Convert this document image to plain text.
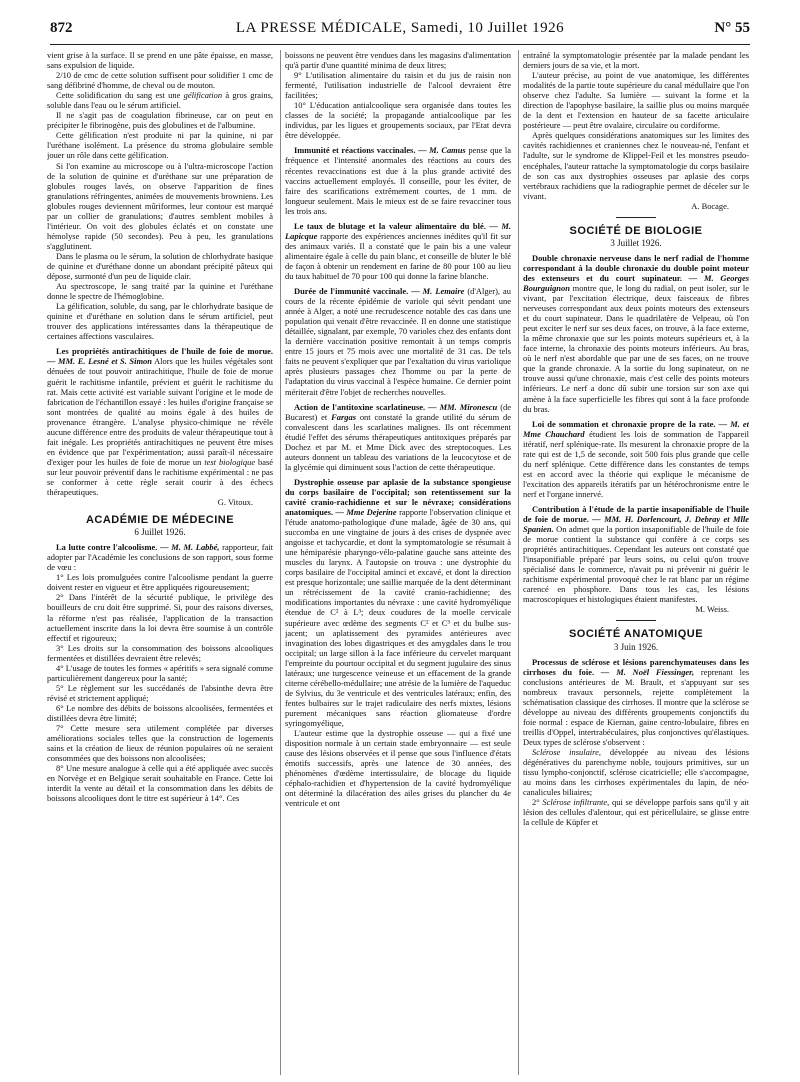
872	LA PRESSE MÉDICALE, Samedi, 10 Juillet 1926	N° 55

vient grise à la surface. Il se prend en une pâte épaisse, en masse, sans expulsion de liquide.

2/10 de cmc de cette solution suffisent pour solidifier 1 cmc de sang défibriné d'homme, de cheval ou de mouton.

Cette solidification du sang est une gélification à gros grains, soluble dans l'eau ou le sérum artificiel.

Il ne s'agit pas de coagulation fibrineuse, car on peut en précipiter le fibrinogène, puis des globulines et de l'albumine.

Cette gélification n'est produite ni par la quinine, ni par l'uréthane isolément. La présence du stroma globulaire semble jouer un rôle dans cette gélification.

Si l'on examine au microscope ou à l'ultra-microscope l'action de la solution de quinine et d'uréthane sur une préparation de globules rouges lavés, on observe l'apparition de fines granulations réfringentes, animées de mouvements browniens. Les globules rouges deviennent mûriformes, leur contour est marqué par un collier de granulations; d'autres semblent mobiles à l'intérieur. On voit des globules éclatés et on constate une hémolyse rapide (50 secondes). Peu à peu, les granulations s'agglutinent.

Dans le plasma ou le sérum, la solution de chlorhydrate basique de quinine et d'uréthane donne un abondant précipité pâteux qui dépose, surmonté d'un peu de liquide clair.

Au spectroscope, le sang traité par la quinine et l'uréthane donne le spectre de l'hémoglobine.

La gélification, soluble, du sang, par le chlorhydrate basique de quinine et d'uréthane en solution dans le sérum artificiel, peut trouver des applications intéressantes dans la thérapeutique de certaines affections vasculaires.

Les propriétés antirachitiques de l'huile de foie de morue. — MM. E. Lesné et S. Simon Alors que les huiles végétales sont dénuées de tout pouvoir antirachitique, l'huile de foie de morue guérit le rachitisme infantile, prévient et guérit le rachitisme du rat. Mais cette activité est variable suivant l'origine et le mode de fabrication de l'échantillon essayé : les huiles d'origine française se sont montrées de qualité au moins égale à des huiles de provenance étrangère. L'analyse physico-chimique ne révèle aucune différence entre des produits de valeur thérapeutique tout à fait inégale. Les propriétés antirachitiques ne peuvent être mises en évidence que par l'expérimentation; aussi paraît-il nécessaire d'exiger pour les huiles de foie de morue un test biologique basé sur leur pouvoir préventif dans le rachitisme expérimental : ne pas se conformer à cette règle serait courir à des échecs thérapeutiques.

G. Vitoux.

ACADÉMIE DE MÉDECINE
6 Juillet 1926.

La lutte contre l'alcoolisme. — M. M. Labbé, rapporteur, fait adopter par l'Académie les conclusions de son rapport, sous forme de vœu :

1° Les lois promulguées contre l'alcoolisme pendant la guerre doivent rester en vigueur et être appliquées rigoureusement;

2° Dans l'intérêt de la sécurité publique, le privilège des bouilleurs de cru doit être supprimé. Si, pour des raisons diverses, la réforme n'est pas réalisée, l'application de la transaction actuellement inscrite dans la loi devra être soumise à un contrôle effectif et rigoureux;

3° Les droits sur la consommation des boissons alcooliques fermentées et distillées devraient être relevés;

4° L'usage de toutes les formes « apéritifs » sera signalé comme particulièrement dangereux pour la santé;

5° Le règlement sur les succédanés de l'absinthe devra être révisé et strictement appliqué;

6° Le nombre des débits de boissons alcoolisées, fermentées et distillées devra être limité;

7° Cette mesure sera utilement complétée par diverses améliorations sociales telles que la construction de logements sains et la création de lieux de réunion populaires où ne seraient consommées que des boissons non alcoolisées;

8° Une mesure analogue à celle qui a été appliquée avec succès en Norvège et en Belgique serait souhaitable en France. Cette loi interdit la vente au détail et la consommation dans les débits de boissons alcooliques dont le titre est supérieur à 14°. Ces

boissons ne peuvent être vendues dans les magasins d'alimentation qu'à partir d'une quantité minima de deux litres;

9° L'utilisation alimentaire du raisin et du jus de raisin non fermenté, l'utilisation industrielle de l'alcool devraient être facilitées;

10° L'éducation antialcoolique sera organisée dans toutes les classes de la société; la propagande antialcoolique par les individus, par les ligues et groupements sociaux, par l'Etat devra être développée.

Immunité et réactions vaccinales. — M. Camus pense que la fréquence et l'intensité anormales des réactions au cours des récentes revaccinations est due à la plus grande activité des vaccins actuellement employés. Il conseille, pour les éviter, de faire des scarifications extrêmement courtes, de 1 mm. de longueur seulement. Mais le mieux est de se faire revacciner tous les trois ans.

Le taux de blutage et la valeur alimentaire du blé. — M. Lapicque rapporte des expériences anciennes inédites qu'il fit sur des animaux variés. Il a constaté que le pain bis a une valeur alimentaire égale à celle du pain blanc, et conseille de bluter le blé de façon à obtenir un rendement en farine de 80 pour 100 au lieu du taux habituel de 70 pour 100 qui donne la farine blanche.

Durée de l'immunité vaccinale. — M. Lemaire (d'Alger), au cours de la récente épidémie de variole qui sévit pendant une année à Alger, a noté une recrudescence notable des cas dans une population qui venait d'être revaccinée. Il en donne une statistique détaillée, signalant, par exemple, 70 varioles chez des enfants dont la dernière vaccination positive remontait à un temps compris entre 15 jours et 75 mois avec une mortalité de 31 cas. De tels faits ne peuvent s'expliquer que par l'exaltation du virus variolique après plusieurs passages chez l'homme ou par la perte de l'adaptation du virus vaccinal à l'espèce humaine. Ce dernier point mériterait d'être l'objet de recherches nouvelles.

Action de l'antitoxine scarlatineuse. — MM. Mironescu (de Bucarest) et Fargas ont constaté la grande utilité du sérum de convalescent dans les scarlatines malignes. Ils ont récemment étudié l'effet des sérums thérapeutiques antitoxiques préparés par Dochez et par M. et Mme Dick avec des streptocoques. Les auteurs donnent un tableau des variations de la leucocytose et de la glycémie qui diminuent sous l'action de cette thérapeutique.

Dystrophie osseuse par aplasie de la substance spongieuse du corps basilaire de l'occipital; son retentissement sur la cavité cranio-rachidienne et sur le névraxe; considérations anatomiques. — Mme Dejerine rapporte l'observation clinique et l'étude anatomo-pathologique d'une malade, âgée de 30 ans, qui succomba en une vingtaine de jours à des crises de dyspnée avec angoisse et tachycardie, et dont la symptomatologie se résumait à une hémiparésie pharyngo-vélo-palatine gauche sans atteinte des muscles du larynx. A l'autopsie on trouva : une dystrophie du corps basilaire de l'occipital aminci et excavé, et dont la direction est presque horizontale; une saillie marquée de la dent déterminant un rétrécissement de la cavité cranio-rachidienne; des modifications importantes du névraxe : une cavité hydromyélique étendue de C² à L³; deux coudures de la moelle cervicale supérieure avec œdème des segments C² et C³ et du bulbe sus-jacent; un aplatissement des pyramides antérieures avec invagination des lobes digastriques et des amygdales dans le trou occipital; un large sillon à la face inférieure du cervelet marquant l'empreinte du pourtour occipital et du segment jugulaire des sinus latéraux; une turgescence veineuse et un effacement de la grande citerne cérébello-médullaire; une atrésie de la lumière de l'aqueduc de Sylvius, du 3e ventricule et des ventricules latéraux; enfin, des fentes bulbaires sur le trajet radiculaire des nerfs mixtes, lésions purement mécaniques sans réaction gliomateuse d'ordre syringomyélique,

L'auteur estime que la dystrophie osseuse — qui a fixé une disposition normale à un certain stade embryonnaire — est seule cause des lésions observées et il pense que sous l'influence d'états émotifs successifs, après une latence de 30 années, des phénomènes d'œdème intertissulaire, de blocage du liquide céphalo-rachidien et d'hypertension de la cavité hydromyélique ont déterminé la dilacération des ailes grises du plancher du 4e ventricule et ont

entraîné la symptomatologie présentée par la malade pendant les derniers jours de sa vie, et la mort.

L'auteur précise, au point de vue anatomique, les différentes modalités de la partie toute supérieure du canal médullaire que l'on observe chez l'adulte. Sa lumière — suivant la forme et la direction de l'apophyse basilaire, la saillie plus ou moins marquée de la dent et l'extension en hauteur de sa facette articulaire postérieure — peut être ovalaire, circulaire ou cordiforme.

Après quelques considérations anatomiques sur les limites des cavités rachidiennes et craniennes chez le nouveau-né, l'enfant et l'adulte, sur le syndrome de Klippel-Feil et les monstres pseudo-encéphales, l'auteur rattache la symptomatologie du corps basilaire de son cas aux dystrophies osseuses par aplasie des corps vertébraux rachidiens que la radiographie permet de déceler sur le vivant.

A. Bocage.

SOCIÉTÉ DE BIOLOGIE
3 Juillet 1926.

Double chronaxie nerveuse dans le nerf radial de l'homme correspondant à la double chronaxie du double point moteur des extenseurs et du court supinateur. — M. Georges Bourguignon montre que, le long du radial, on peut isoler, sur le vivant, par l'excitation électrique, deux faisceaux de fibres nerveuses correspondant aux deux points moteurs des extenseurs et du court supinateur. Dans le quadrilatère de Velpeau, où l'on peut exciter le nerf sur ses deux faces, on trouve, à la face externe, la même chronaxie que sur les points moteurs supérieurs et, à la face interne, la chronaxie des points moteurs inférieurs. Au bras, où le nerf n'est abordable que par une de ses faces, on ne trouve que la grande chronaxie. A la sortie du long supinateur, on ne trouve aussi qu'une chronaxie, mais c'est celle des points moteurs inférieurs. Le nerf a donc dû subir une torsion sur son axe qui amène à la face superficielle les fibres qui sont à la face profonde du bras.

Loi de sommation et chronaxie propre de la rate. — M. et Mme Chauchard étudient les lois de sommation de l'appareil itératif, nerf splénique-rate. Ils mesurent la chronaxie propre de la rate qui est de 1,5 de seconde, soit 500 fois plus grande que celle du nerf splénique. Cette différence dans les constantes de temps est en accord avec la théorie qui explique le mécanisme de l'excitation des appareils itératifs par un hétérochronisme entre le nerf et l'organe innervé.

Contribution à l'étude de la partie insaponifiable de l'huile de foie de morue. — MM. H. Dorlencourt, J. Debray et Mlle Spanien. On admet que la portion insaponifiable de l'huile de foie de morue contient la substance qui confère à ce corps ses propriétés antirachitiques. Cependant les auteurs ont constaté que l'insaponifiable préparé par leurs soins, ou celui qu'on trouve spécialisé dans le commerce, n'avait pu ni prévenir ni guérir le rachitisme expérimental provoqué chez le rat blanc par un régime carencé en phosphore. Dans tous les cas, les lésions macroscopiques et histologiques étaient manifestes.

M. Weiss.

SOCIÉTÉ ANATOMIQUE
3 Juin 1926.

Processus de sclérose et lésions parenchymateuses dans les cirrhoses du foie. — M. Noël Fiessinger, reprenant les conclusions antérieures de M. Brault, et s'appuyant sur ses nombreux travaux personnels, rejette complètement la schématisation classique des cirrhoses. Il montre que la sclérose se développe au niveau des différents groupements conjonctifs du foie normal : espace de Kiernan, gaine centro-lobulaire, fibres en treillis d'Oppel, intertrabéculaires, plus conjonctives qu'élastiques. Deux types de sclérose s'observent :

Sclérose insulaire, développée au niveau des lésions dégénératives du parenchyme noble, toujours primitives, sur un tissu lympho-conjonctif, sclérose cicatricielle; elle s'accompagne, au moins dans les cirrhoses expérimentales du lapin, de néo-canalicules biliaires;

2° Sclérose infiltrante, qui se développe parfois sans qu'il y ait lésion des cellules d'alentour, qui est péricellulaire, se glisse entre la cellule de Küpfer et
